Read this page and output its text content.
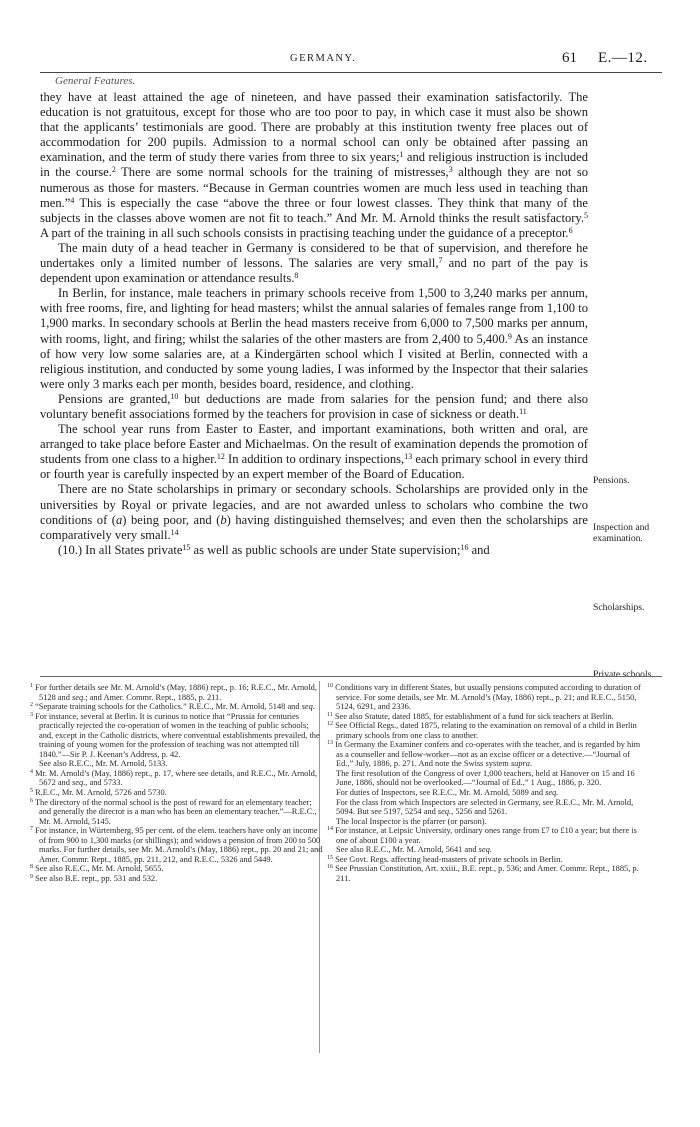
GERMANY.	61 E.—12.
General Features.

they have at least attained the age of nineteen, and have passed their examination satisfactorily. The education is not gratuitous, except for those who are too poor to pay, in which case it must also be shown that the applicants’ testimonials are good. There are probably at this institution twenty free places out of accommodation for 200 pupils. Admission to a normal school can only be obtained after passing an examination, and the term of study there varies from three to six years;$^1$ and religious instruction is included in the course.$^2$ There are some normal schools for the training of mistresses,$^3$ although they are not so numerous as those for masters. “Because in German countries women are much less used in teaching than men.”$^4$ This is especially the case “above the three or four lowest classes. They think that many of the subjects in the classes above women are not fit to teach.” And Mr. M. Arnold thinks the result satisfactory.$^5$ A part of the training in all such schools consists in practising teaching under the guidance of a preceptor.$^6$

The main duty of a head teacher in Germany is considered to be that of supervision, and therefore he undertakes only a limited number of lessons. The salaries are very small,$^7$ and no part of the pay is dependent upon examination or attendance results.$^8$

In Berlin, for instance, male teachers in primary schools receive from 1,500 to 3,240 marks per annum, with free rooms, fire, and lighting for head masters; whilst the annual salaries of females range from 1,100 to 1,900 marks. In secondary schools at Berlin the head masters receive from 6,000 to 7,500 marks per annum, with rooms, light, and firing; whilst the salaries of the other masters are from 2,400 to 5,400.$^9$ As an instance of how very low some salaries are, at a Kindergärten school which I visited at Berlin, connected with a religious institution, and conducted by some young ladies, I was informed by the Inspector that their salaries were only 3 marks each per month, besides board, residence, and clothing.

Pensions are granted,$^{10}$ but deductions are made from salaries for the pension fund; and there also voluntary benefit associations formed by the teachers for provision in case of sickness or death.$^{11}$

The school year runs from Easter to Easter, and important examinations, both written and oral, are arranged to take place before Easter and Michaelmas. On the result of examination depends the promotion of students from one class to a higher.$^{12}$ In addition to ordinary inspections,$^{13}$ each primary school in every third or fourth year is carefully inspected by an expert member of the Board of Education.

There are no State scholarships in primary or secondary schools. Scholarships are provided only in the universities by Royal or private legacies, and are not awarded unless to scholars who combine the two conditions of (a) being poor, and (b) having distinguished themselves; and even then the scholarships are comparatively very small.$^{14}$

(10.) In all States private$^{15}$ as well as public schools are under State supervision;$^{16}$ and

Pensions.
Inspection and examination.
Scholarships.
Private schools.

$^1$ For further details see Mr. M. Arnold’s (May, 1886) rept., p. 16; R.E.C., Mr. Arnold, 5128 and seq.; and Amer. Commr. Rept., 1885, p. 211.

$^2$ “Separate training schools for the Catholics.” R.E.C., Mr. M. Arnold, 5148 and seq.

$^3$ For instance, several at Berlin. It is curious to notice that “Prussia for centuries practically rejected the co-operation of women in the teaching of public schools; and, except in the Catholic districts, where conventual establishments prevailed, the training of young women for the profession of teaching was not attempted till 1840.”—Sir P. J. Keenan’s Address, p. 42.

See also R.E.C., Mr. M. Arnold, 5133.

$^4$ Mr. M. Arnold’s (May, 1886) rept., p. 17, where see details, and R.E.C., Mr. Arnold, 5672 and seq., and 5733.

$^5$ R.E.C., Mr. M. Arnold, 5726 and 5730.

$^6$ The directory of the normal school is the post of reward for an elementary teacher; and generally the director is a man who has been an elementary teacher.”—R.E.C., Mr. M. Arnold, 5145.

$^7$ For instance, in Würtemberg, 95 per cent. of the elem. teachers have only an income of from 900 to 1,300 marks (or shillings); and widows a pension of from 200 to 500 marks. For further details, see Mr. M. Arnold’s (May, 1886) rept., pp. 20 and 21; and Amer. Commr. Rept., 1885, pp. 211, 212, and R.E.C., 5326 and 5449.

$^8$ See also R.E.C., Mr. M. Arnold, 5655.

$^9$ See also B.E. rept., pp. 531 and 532.

$^{10}$ Conditions vary in different States, but usually pensions computed according to duration of service. For some details, see Mr. M. Arnold’s (May, 1886) rept., p. 21; and R.E.C., 5150, 5124, 6291, and 2336.

$^{11}$ See also Statute, dated 1885, for establishment of a fund for sick teachers at Berlin.

$^{12}$ See Official Regs., dated 1875, relating to the examination on removal of a child in Berlin primary schools from one class to another.

$^{13}$ In Germany the Examiner confers and co-operates with the teacher, and is regarded by him as a counseller and fellow-worker—not as an excise officer or a detective.—“Journal of Ed.,” July, 1886, p. 271. And note the Swiss system supra.

The first resolution of the Congress of over 1,000 teachers, held at Hanover on 15 and 16 June, 1886, should not be overlooked.—“Journal of Ed.,” 1 Aug., 1886, p. 320.

For duties of Inspectors, see R.E.C., Mr. M. Arnold, 5089 and seq.

For the class from which Inspectors are selected in Germany, see R.E.C., Mr. M. Arnold, 5094. But see 5197, 5254 and seq., 5256 and 5261.

The local Inspector is the pfarrer (or parson).

$^{14}$ For instance, at Leipsic University, ordinary ones range from £7 to £10 a year; but there is one of about £100 a year.

See also R.E.C., Mr. M. Arnold, 5641 and seq.

$^{15}$ See Govt. Regs. affecting head-masters of private schools in Berlin.

$^{16}$ See Prussian Constitution, Art. xxiii., B.E. rept., p. 536; and Amer. Commr. Rept., 1885, p. 211.
